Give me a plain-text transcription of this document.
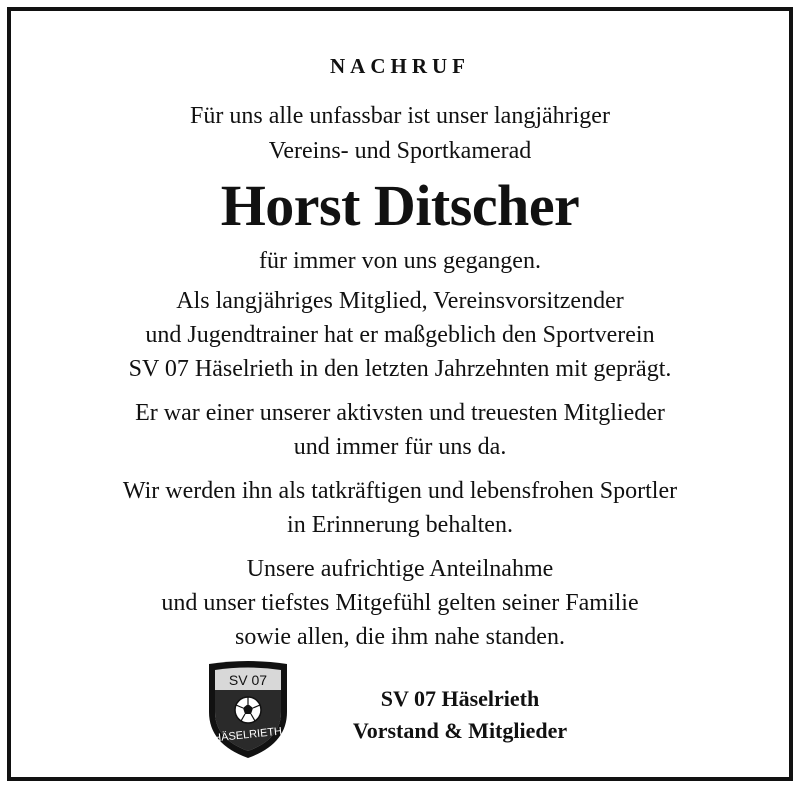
NACHRUF
Für uns alle unfassbar ist unser langjähriger
Vereins- und Sportkamerad
Horst Ditscher
für immer von uns gegangen.
Als langjähriges Mitglied, Vereinsvorsitzender
und Jugendtrainer hat er maßgeblich den Sportverein
SV 07 Häselrieth in den letzten Jahrzehnten mit geprägt.
Er war einer unserer aktivsten und treuesten Mitglieder
und immer für uns da.
Wir werden ihn als tatkräftigen und lebensfrohen Sportler
in Erinnerung behalten.
Unsere aufrichtige Anteilnahme
und unser tiefstes Mitgefühl gelten seiner Familie
sowie allen, die ihm nahe standen.
SV 07
HÄSELRIETH
SV 07 Häselrieth
Vorstand & Mitglieder
